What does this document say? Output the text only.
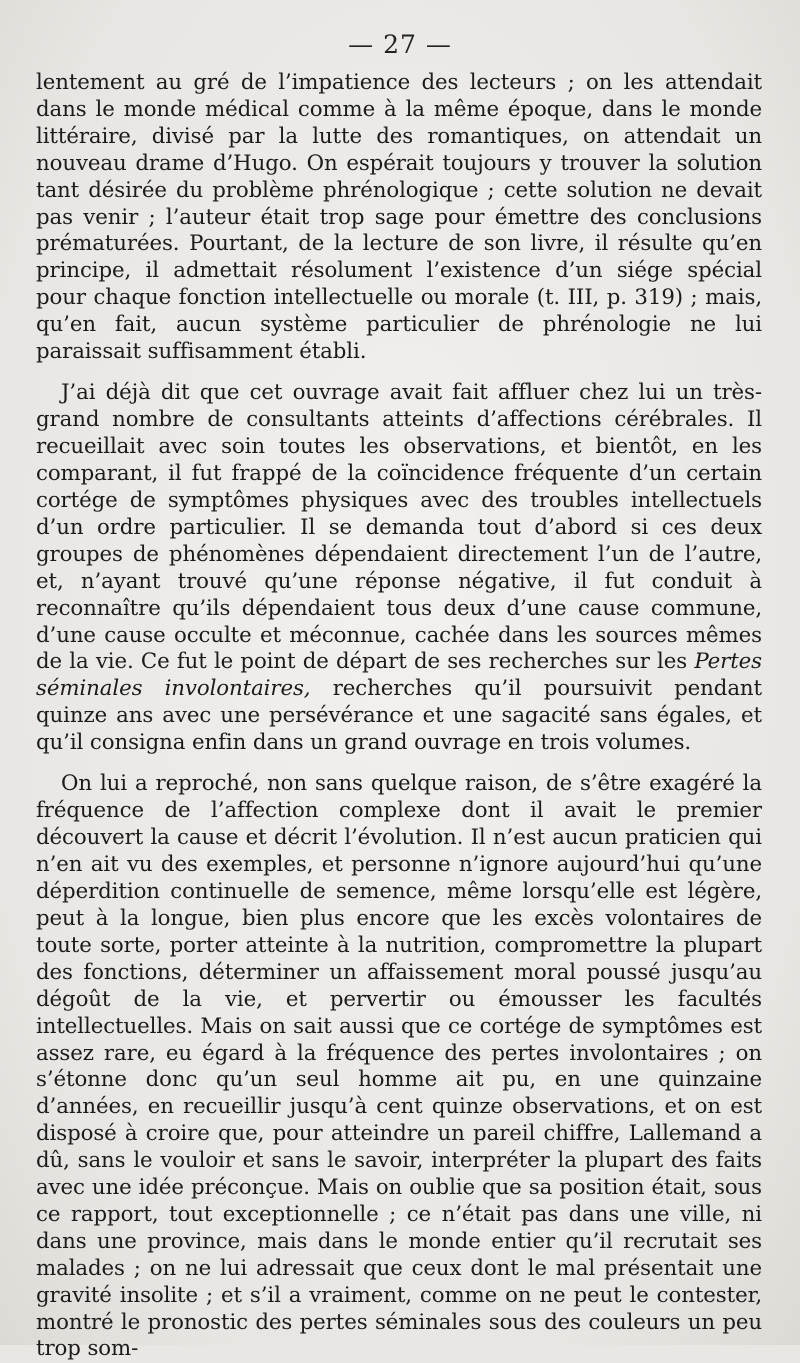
— 27 —

lentement au gré de l’impatience des lecteurs ; on les attendait dans le monde médical comme à la même époque, dans le monde littéraire, divisé par la lutte des romantiques, on attendait un nouveau drame d’Hugo. On espérait toujours y trouver la solution tant désirée du problème phrénologique ; cette solution ne devait pas venir ; l’auteur était trop sage pour émettre des conclusions prématurées. Pourtant, de la lecture de son livre, il résulte qu’en principe, il admettait résolument l’existence d’un siége spécial pour chaque fonction intellectuelle ou morale (t. III, p. 319) ; mais, qu’en fait, aucun système particulier de phrénologie ne lui paraissait suffisamment établi.

J’ai déjà dit que cet ouvrage avait fait affluer chez lui un très-grand nombre de consultants atteints d’affections cérébrales. Il recueillait avec soin toutes les observations, et bientôt, en les comparant, il fut frappé de la coïncidence fréquente d’un certain cortége de symptômes physiques avec des troubles intellectuels d’un ordre particulier. Il se demanda tout d’abord si ces deux groupes de phénomènes dépendaient directement l’un de l’autre, et, n’ayant trouvé qu’une réponse négative, il fut conduit à reconnaître qu’ils dépendaient tous deux d’une cause commune, d’une cause occulte et méconnue, cachée dans les sources mêmes de la vie. Ce fut le point de départ de ses recherches sur les Pertes séminales involontaires, recherches qu’il poursuivit pendant quinze ans avec une persévérance et une sagacité sans égales, et qu’il consigna enfin dans un grand ouvrage en trois volumes.

On lui a reproché, non sans quelque raison, de s’être exagéré la fréquence de l’affection complexe dont il avait le premier découvert la cause et décrit l’évolution. Il n’est aucun praticien qui n’en ait vu des exemples, et personne n’ignore aujourd’hui qu’une déperdition continuelle de semence, même lorsqu’elle est légère, peut à la longue, bien plus encore que les excès volontaires de toute sorte, porter atteinte à la nutrition, compromettre la plupart des fonctions, déterminer un affaissement moral poussé jusqu’au dégoût de la vie, et pervertir ou émousser les facultés intellectuelles. Mais on sait aussi que ce cortége de symptômes est assez rare, eu égard à la fréquence des pertes involontaires ; on s’étonne donc qu’un seul homme ait pu, en une quinzaine d’années, en recueillir jusqu’à cent quinze observations, et on est disposé à croire que, pour atteindre un pareil chiffre, Lallemand a dû, sans le vouloir et sans le savoir, interpréter la plupart des faits avec une idée préconçue. Mais on oublie que sa position était, sous ce rapport, tout exceptionnelle ; ce n’était pas dans une ville, ni dans une province, mais dans le monde entier qu’il recrutait ses malades ; on ne lui adressait que ceux dont le mal présentait une gravité insolite ; et s’il a vraiment, comme on ne peut le contester, montré le pronostic des pertes séminales sous des couleurs un peu trop som-
